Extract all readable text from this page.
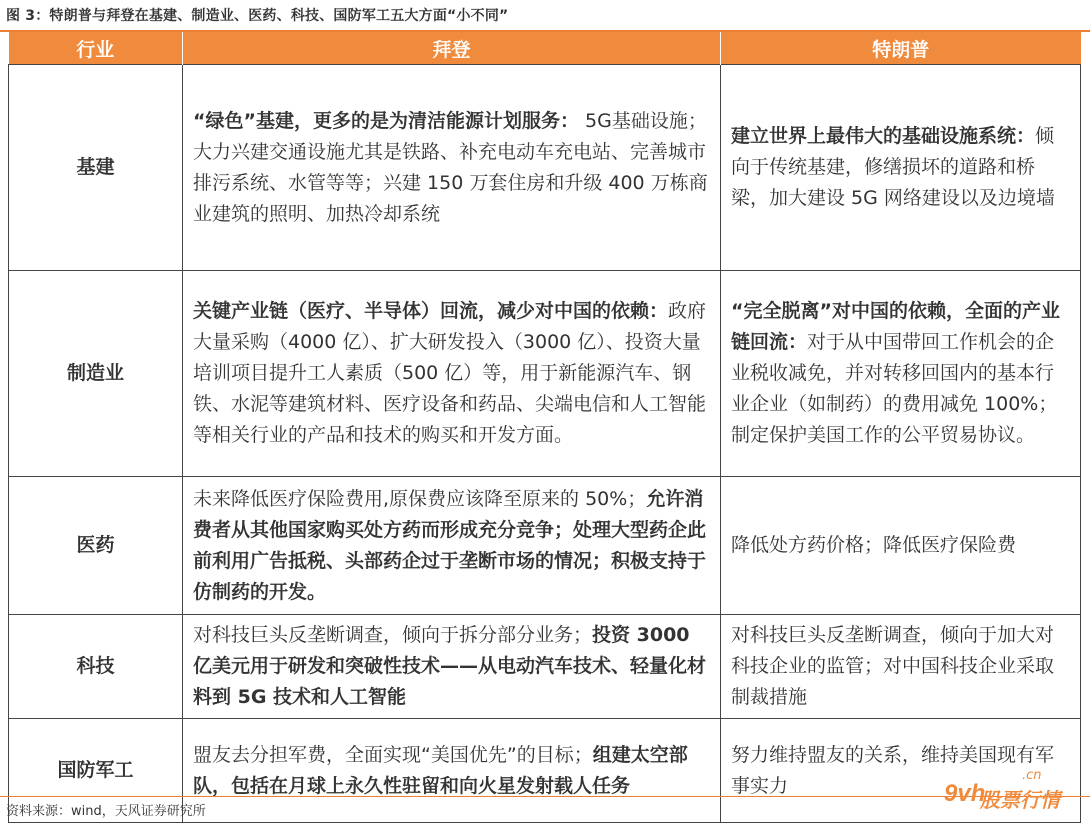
图 3：特朗普与拜登在基建、制造业、医药、科技、国防军工五大方面“小不同”
行业	拜登	特朗普
基建	“绿色”基建，更多的是为清洁能源计划服务： 5G基础设施；大力兴建交通设施尤其是铁路、补充电动车充电站、完善城市排污系统、水管等等；兴建 150 万套住房和升级 400 万栋商业建筑的照明、加热冷却系统	建立世界上最伟大的基础设施系统：倾向于传统基建，修缮损坏的道路和桥梁，加大建设 5G 网络建设以及边境墙
制造业	关键产业链（医疗、半导体）回流，减少对中国的依赖：政府大量采购（4000 亿）、扩大研发投入（3000 亿）、投资大量培训项目提升工人素质（500 亿）等，用于新能源汽车、钢铁、水泥等建筑材料、医疗设备和药品、尖端电信和人工智能等相关行业的产品和技术的购买和开发方面。	“完全脱离”对中国的依赖，全面的产业链回流：对于从中国带回工作机会的企业税收减免，并对转移回国内的基本行业企业（如制药）的费用减免 100%；制定保护美国工作的公平贸易协议。
医药	未来降低医疗保险费用,原保费应该降至原来的 50%；允许消费者从其他国家购买处方药而形成充分竞争；处理大型药企此前利用广告抵税、头部药企过于垄断市场的情况；积极支持于仿制药的开发。	降低处方药价格；降低医疗保险费
科技	对科技巨头反垄断调查，倾向于拆分部分业务；投资 3000 亿美元用于研发和突破性技术——从电动汽车技术、轻量化材料到 5G 技术和人工智能	对科技巨头反垄断调查，倾向于加大对科技企业的监管；对中国科技企业采取制裁措施
国防军工	盟友去分担军费，全面实现“美国优先”的目标；组建太空部队，包括在月球上永久性驻留和向火星发射载人任务	努力维持盟友的关系，维持美国现有军事实力
资料来源：wind，天风证券研究所
9vh
股票行情
.cn
